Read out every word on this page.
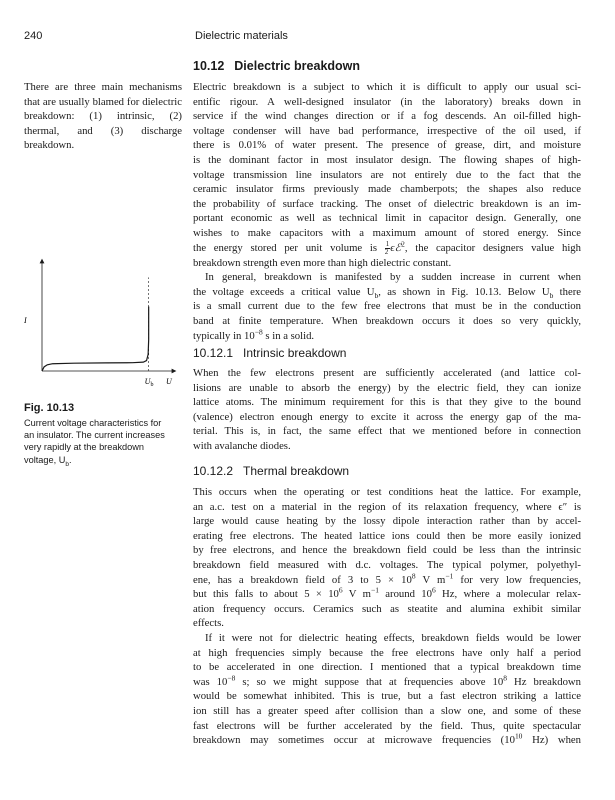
240	Dielectric materials
10.12 Dielectric breakdown
There are three main mechanisms that are usually blamed for dielectric breakdown: (1) intrinsic, (2) thermal, and (3) discharge breakdown.
Electric breakdown is a subject to which it is difficult to apply our usual sci-
entific rigour. A well-designed insulator (in the laboratory) breaks down in
service if the wind changes direction or if a fog descends. An oil-filled high-
voltage condenser will have bad performance, irrespective of the oil used, if
there is 0.01% of water present. The presence of grease, dirt, and moisture
is the dominant factor in most insulator design. The flowing shapes of high-
voltage transmission line insulators are not entirely due to the fact that the
ceramic insulator firms previously made chamberpots; the shapes also reduce
the probability of surface tracking. The onset of dielectric breakdown is an im-
portant economic as well as technical limit in capacitor design. Generally, one
wishes to make capacitors with a maximum amount of stored energy. Since
the energy stored per unit volume is $\frac{1}{2}$ ϵℰ$^2$, the capacitor designers value high
breakdown strength even more than high dielectric constant.
In general, breakdown is manifested by a sudden increase in current when
the voltage exceeds a critical value $U_b$, as shown in Fig. 10.13. Below $U_b$ there
is a small current due to the few free electrons that must be in the conduction
band at finite temperature. When breakdown occurs it does so very quickly,
typically in $10^{-8}$ s in a solid.
10.12.1 Intrinsic breakdown
When the few electrons present are sufficiently accelerated (and lattice col-
lisions are unable to absorb the energy) by the electric field, they can ionize
lattice atoms. The minimum requirement for this is that they give to the bound
(valence) electron enough energy to excite it across the energy gap of the ma-
terial. This is, in fact, the same effect that we mentioned before in connection
with avalanche diodes.
10.12.2 Thermal breakdown
This occurs when the operating or test conditions heat the lattice. For example,
an a.c. test on a material in the region of its relaxation frequency, where ϵ″ is
large would cause heating by the lossy dipole interaction rather than by accel-
erating free electrons. The heated lattice ions could then be more easily ionized
by free electrons, and hence the breakdown field could be less than the intrinsic
breakdown field measured with d.c. voltages. The typical polymer, polyethyl-
ene, has a breakdown field of 3 to $5 \times 10^8$ V $m^{-1}$ for very low frequencies,
but this falls to about $5 \times 10^6$ V $m^{-1}$ around $10^6$ Hz, where a molecular relax-
ation frequency occurs. Ceramics such as steatite and alumina exhibit similar
effects.
If it were not for dielectric heating effects, breakdown fields would be lower
at high frequencies simply because the free electrons have only half a period
to be accelerated in one direction. I mentioned that a typical breakdown time
was $10^{-8}$ s; so we might suppose that at frequencies above $10^8$ Hz breakdown
would be somewhat inhibited. This is true, but a fast electron striking a lattice
ion still has a greater speed after collision than a slow one, and some of these
fast electrons will be further accelerated by the field. Thus, quite spectacular
breakdown may sometimes occur at microwave frequencies ($10^{10}$ Hz) when
U
I
$U_b$
Fig. 10.13
Current voltage characteristics for
an insulator. The current increases
very rapidly at the breakdown
voltage, $U_b$.
